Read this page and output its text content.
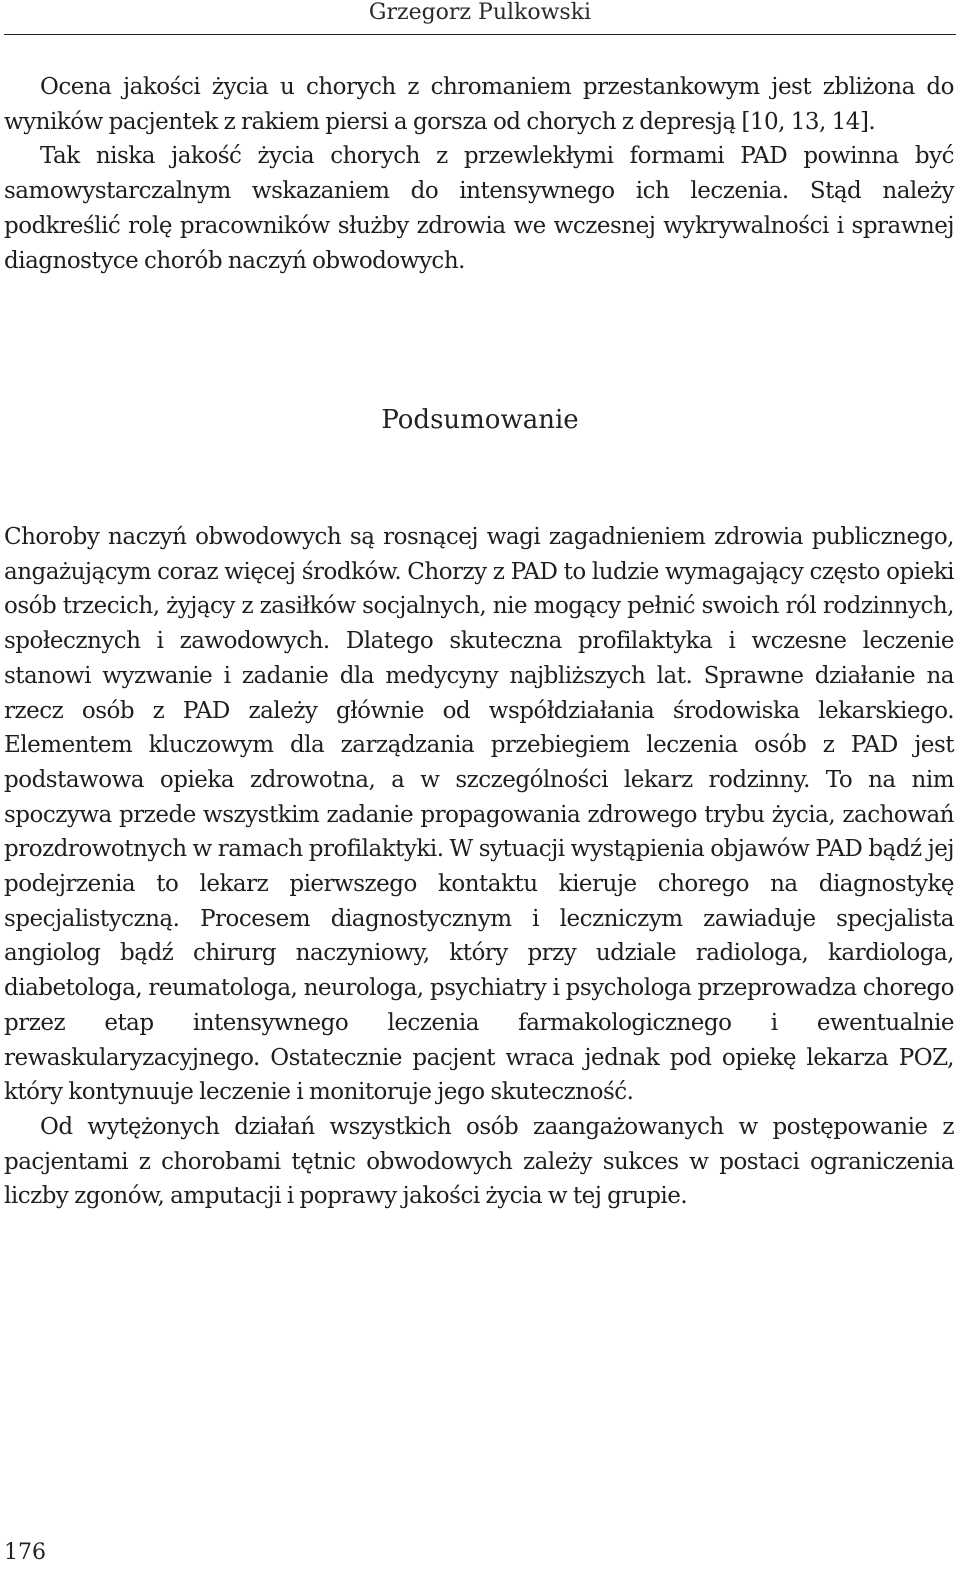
Grzegorz Pulkowski

Ocena jakości życia u chorych z chromaniem przestankowym jest zbliżona do wyników pacjentek z rakiem piersi a gorsza od chorych z depresją [10, 13, 14].

Tak niska jakość życia chorych z przewlekłymi formami PAD powinna być samowystarczalnym wskazaniem do intensywnego ich leczenia. Stąd należy podkreślić rolę pracowników służby zdrowia we wczesnej wykrywalności i sprawnej diagnostyce chorób naczyń obwodowych.

Podsumowanie

Choroby naczyń obwodowych są rosnącej wagi zagadnieniem zdrowia publicznego, angażującym coraz więcej środków. Chorzy z PAD to ludzie wymagający często opieki osób trzecich, żyjący z zasiłków socjalnych, nie mogący pełnić swoich ról rodzinnych, społecznych i zawodowych. Dlatego skuteczna profilaktyka i wczesne leczenie stanowi wyzwanie i zadanie dla medycyny najbliższych lat. Sprawne działanie na rzecz osób z PAD zależy głównie od współdziałania środowiska lekarskiego. Elementem kluczowym dla zarządzania przebiegiem leczenia osób z PAD jest podstawowa opieka zdrowotna, a w szczególności lekarz rodzinny. To na nim spoczywa przede wszystkim zadanie propagowania zdrowego trybu życia, zachowań prozdrowotnych w ramach profilaktyki. W sytuacji wystąpienia objawów PAD bądź jej podejrzenia to lekarz pierwszego kontaktu kieruje chorego na diagnostykę specjalistyczną. Procesem diagnostycznym i leczniczym zawiaduje specjalista angiolog bądź chirurg naczyniowy, który przy udziale radiologa, kardiologa, diabetologa, reumatologa, neurologa, psychiatry i psychologa przeprowadza chorego przez etap intensywnego leczenia farmakologicznego i ewentualnie rewaskularyzacyjnego. Ostatecznie pacjent wraca jednak pod opiekę lekarza POZ, który kontynuuje leczenie i monitoruje jego skuteczność.

Od wytężonych działań wszystkich osób zaangażowanych w postępowanie z pacjentami z chorobami tętnic obwodowych zależy sukces w postaci ograniczenia liczby zgonów, amputacji i poprawy jakości życia w tej grupie.

176
